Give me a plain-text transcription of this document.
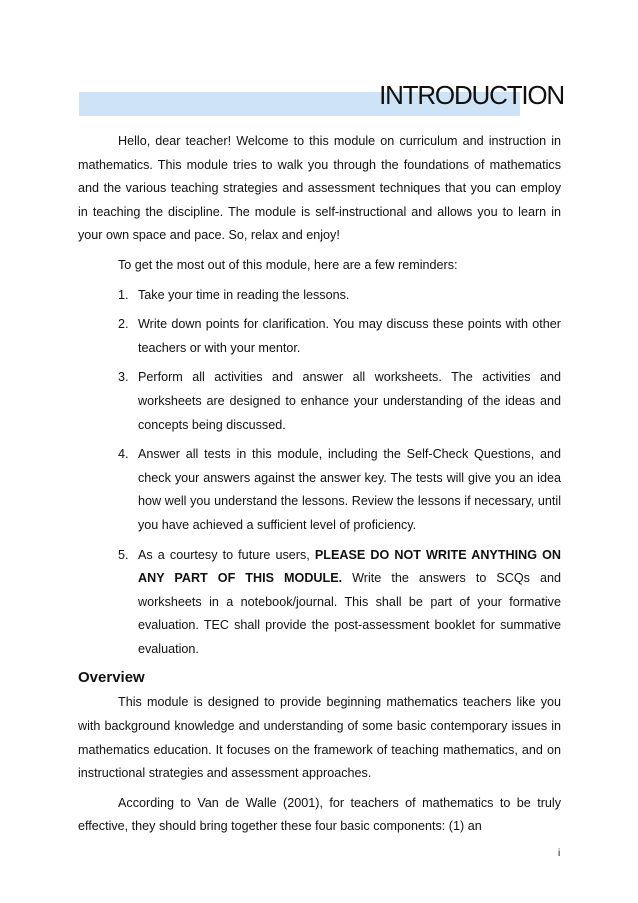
INTRODUCTION

Hello, dear teacher! Welcome to this module on curriculum and instruction in mathematics. This module tries to walk you through the foundations of mathematics and the various teaching strategies and assessment techniques that you can employ in teaching the discipline. The module is self-instructional and allows you to learn in your own space and pace. So, relax and enjoy!

To get the most out of this module, here are a few reminders:

1. Take your time in reading the lessons.
2. Write down points for clarification. You may discuss these points with other teachers or with your mentor.
3. Perform all activities and answer all worksheets. The activities and worksheets are designed to enhance your understanding of the ideas and concepts being discussed.
4. Answer all tests in this module, including the Self-Check Questions, and check your answers against the answer key. The tests will give you an idea how well you understand the lessons. Review the lessons if necessary, until you have achieved a sufficient level of proficiency.
5. As a courtesy to future users, PLEASE DO NOT WRITE ANYTHING ON ANY PART OF THIS MODULE. Write the answers to SCQs and worksheets in a notebook/journal. This shall be part of your formative evaluation. TEC shall provide the post-assessment booklet for summative evaluation.
Overview

This module is designed to provide beginning mathematics teachers like you with background knowledge and understanding of some basic contemporary issues in mathematics education. It focuses on the framework of teaching mathematics, and on instructional strategies and assessment approaches.

According to Van de Walle (2001), for teachers of mathematics to be truly effective, they should bring together these four basic components: (1) an

i
